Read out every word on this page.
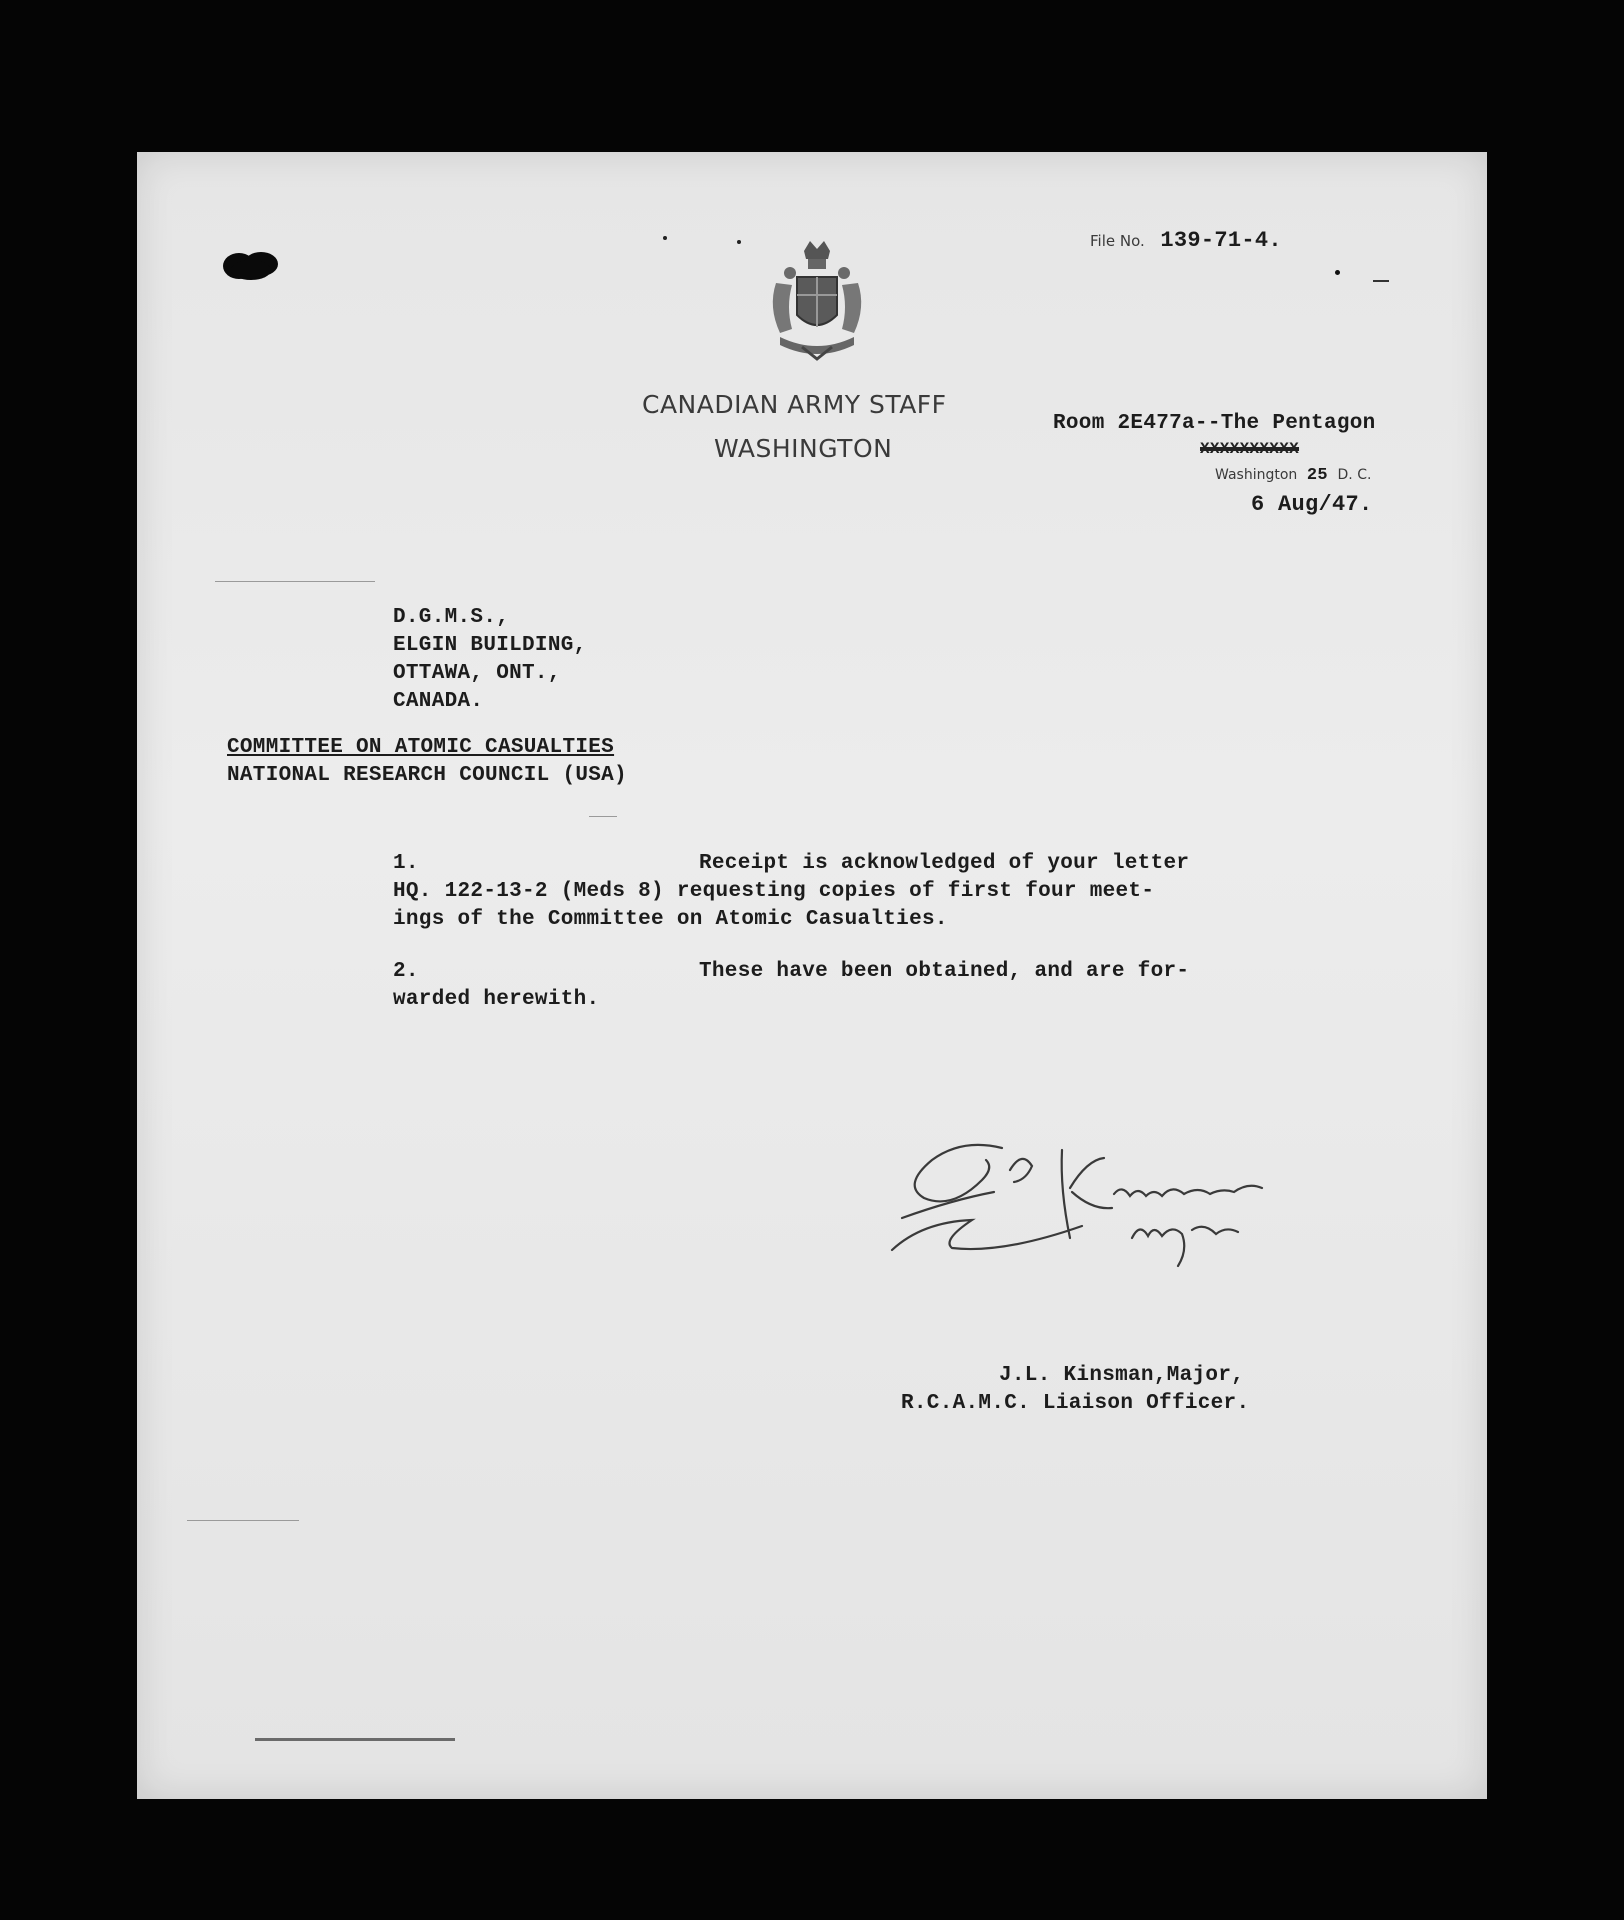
File No. 139-71-4.
CANADIAN ARMY STAFF
WASHINGTON
Room 2E477a--The Pentagon
XXXXXXXXXX
Washington 25 D. C.
6 Aug/47.
D.G.M.S.,
ELGIN BUILDING,
OTTAWA, ONT.,
CANADA.
COMMITTEE ON ATOMIC CASUALTIES
NATIONAL RESEARCH COUNCIL (USA)
1.	Receipt is acknowledged of your letter
HQ. 122-13-2 (Meds 8) requesting copies of first four meet-
ings of the Committee on Atomic Casualties.
2.	These have been obtained, and are for-
warded herewith.
J.L. Kinsman,Major,
R.C.A.M.C. Liaison Officer.
